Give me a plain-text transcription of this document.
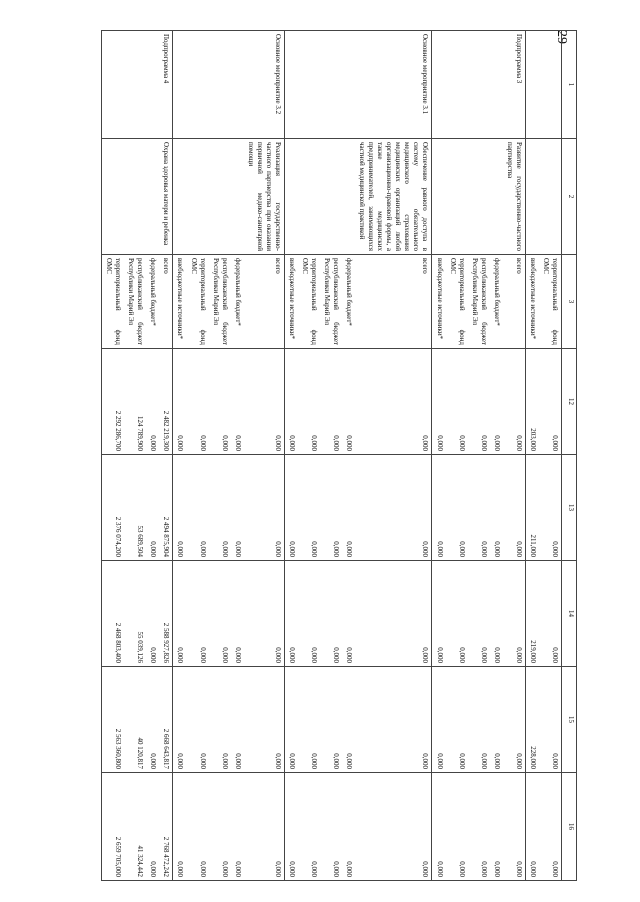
29
1	2	3	12	13	14	15	16
		территориальный фонд ОМС	0,000	0,000	0,000	0,000	0,000
		внебюджетные источники*	203,000	211,000	219,000	228,000	0,000
Подпрограмма 3	Развитие государственно-частного партнерства	всего	0,000	0,000	0,000	0,000	0,000
		федеральный бюджет*	0,000	0,000	0,000	0,000	0,000
		республиканский бюджет Республики Марий Эл	0,000	0,000	0,000	0,000	0,000
		территориальный фонд ОМС	0,000	0,000	0,000	0,000	0,000
		внебюджетные источники*	0,000	0,000	0,000	0,000	0,000
Основное мероприятие 3.1	Обеспечение равного доступа в систему обязательного медицинского страхования медицинских организаций любой организационно-правовой формы, а также медицинских предпринимателей, занимающихся частной медицинской практикой	всего	0,000	0,000	0,000	0,000	0,000
		федеральный бюджет*	0,000	0,000	0,000	0,000	0,000
		республиканский бюджет Республики Марий Эл	0,000	0,000	0,000	0,000	0,000
		территориальный фонд ОМС	0,000	0,000	0,000	0,000	0,000
		внебюджетные источники*	0,000	0,000	0,000	0,000	0,000
Основное мероприятие 3.2	Реализация государственно-частного партнерства при оказании первичной медико-санитарной помощи	всего	0,000	0,000	0,000	0,000	0,000
		федеральный бюджет*	0,000	0,000	0,000	0,000	0,000
		республиканский бюджет Республики Марий Эл	0,000	0,000	0,000	0,000	0,000
		территориальный фонд ОМС	0,000	0,000	0,000	0,000	0,000
		внебюджетные источники*	0,000	0,000	0,000	0,000	0,000
Подпрограмма 4	Охрана здоровья матери и ребенка	всего	2 482 219,300	2 494 875,904	2 588 927,826	2 668 643,817	2 768 472,242
		федеральный бюджет*	0,000	0,000	0,000	0,000	0,000
		республиканский бюджет Республики Марий Эл	124 789,900	53 689,504	55 039,126	40 120,817	41 324,442
		территориальный фонд ОМС	2 292 286,700	2 376 074,200	2 468 803,400	2 563 360,800	2 659 705,000
